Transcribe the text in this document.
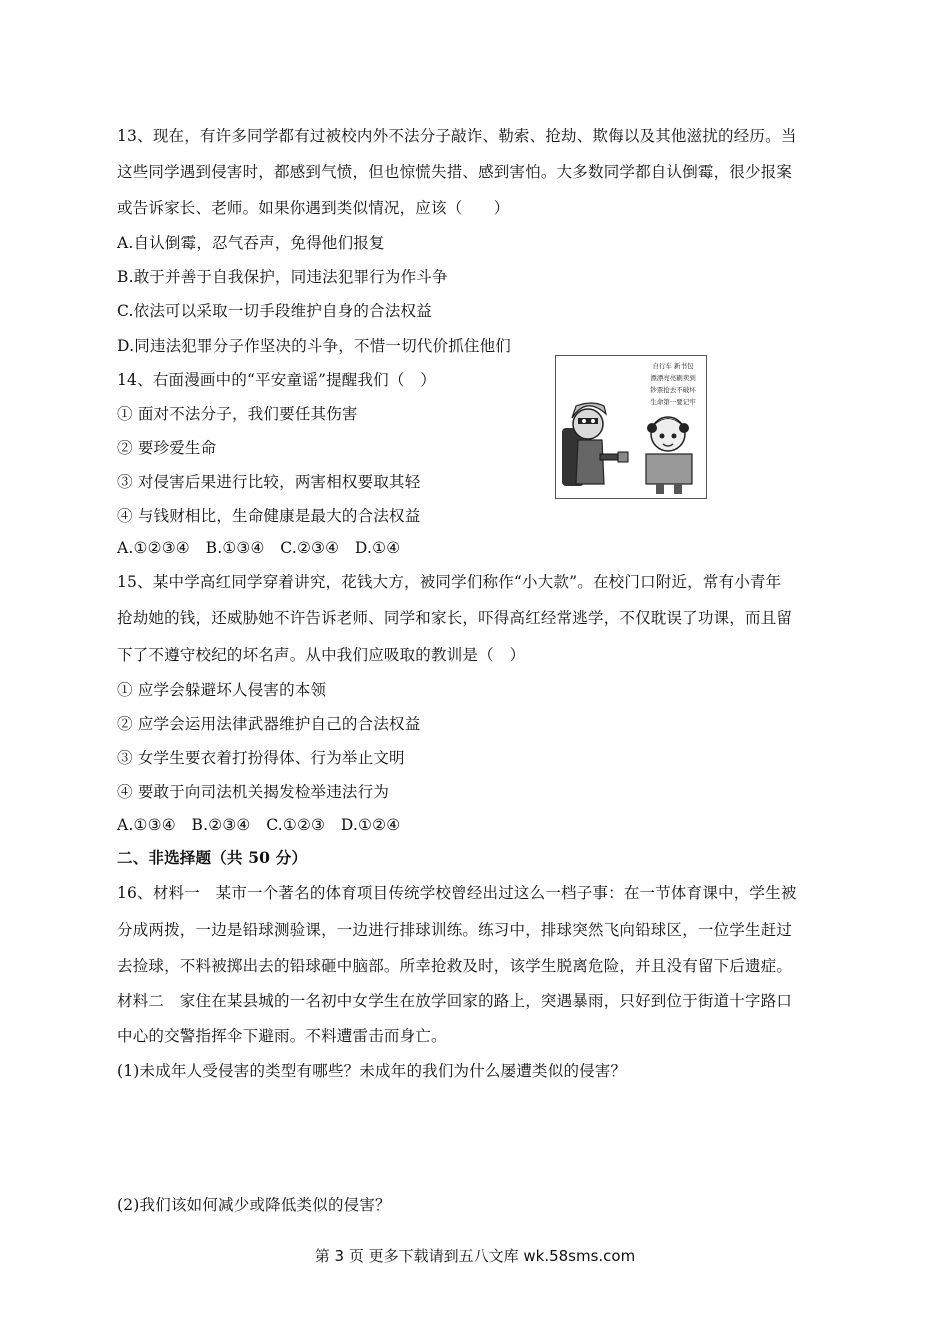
13、现在，有许多同学都有过被校内外不法分子敲诈、勒索、抢劫、欺侮以及其他滋扰的经历。当
这些同学遇到侵害时，都感到气愤，但也惊慌失措、感到害怕。大多数同学都自认倒霉，很少报案
或告诉家长、老师。如果你遇到类似情况，应该（　　）
A.自认倒霉，忍气吞声，免得他们报复
B.敢于并善于自我保护，同违法犯罪行为作斗争
C.依法可以采取一切手段维护自身的合法权益
D.同违法犯罪分子作坚决的斗争，不惜一切代价抓住他们
14、右面漫画中的“平安童谣”提醒我们（　）
① 面对不法分子，我们要任其伤害
② 要珍爱生命
③ 对侵害后果进行比较，两害相权要取其轻
④ 与钱财相比，生命健康是最大的合法权益
A.①②③④　B.①③④　C.②③④　D.①④
自行车 新书包
漂漂亮亮刷卖到
钞票抢去不破坏
生命第一要记牢
15、某中学高红同学穿着讲究，花钱大方，被同学们称作“小大款”。在校门口附近，常有小青年
抢劫她的钱，还威胁她不许告诉老师、同学和家长，吓得高红经常逃学，不仅耽误了功课，而且留
下了不遵守校纪的坏名声。从中我们应吸取的教训是（　）
① 应学会躲避坏人侵害的本领
② 应学会运用法律武器维护自己的合法权益
③ 女学生要衣着打扮得体、行为举止文明
④ 要敢于向司法机关揭发检举违法行为
A.①③④　B.②③④　C.①②③　D.①②④
二、非选择题（共 50 分）
16、材料一　某市一个著名的体育项目传统学校曾经出过这么一档子事：在一节体育课中，学生被
分成两拨，一边是铅球测验课，一边进行排球训练。练习中，排球突然飞向铅球区，一位学生赶过
去捡球，不料被掷出去的铅球砸中脑部。所幸抢救及时，该学生脱离危险，并且没有留下后遗症。
材料二　家住在某县城的一名初中女学生在放学回家的路上，突遇暴雨，只好到位于街道十字路口
中心的交警指挥伞下避雨。不料遭雷击而身亡。
(1)未成年人受侵害的类型有哪些？未成年的我们为什么屡遭类似的侵害？
(2)我们该如何减少或降低类似的侵害？
第 3 页 更多下载请到五八文库 wk.58sms.com
